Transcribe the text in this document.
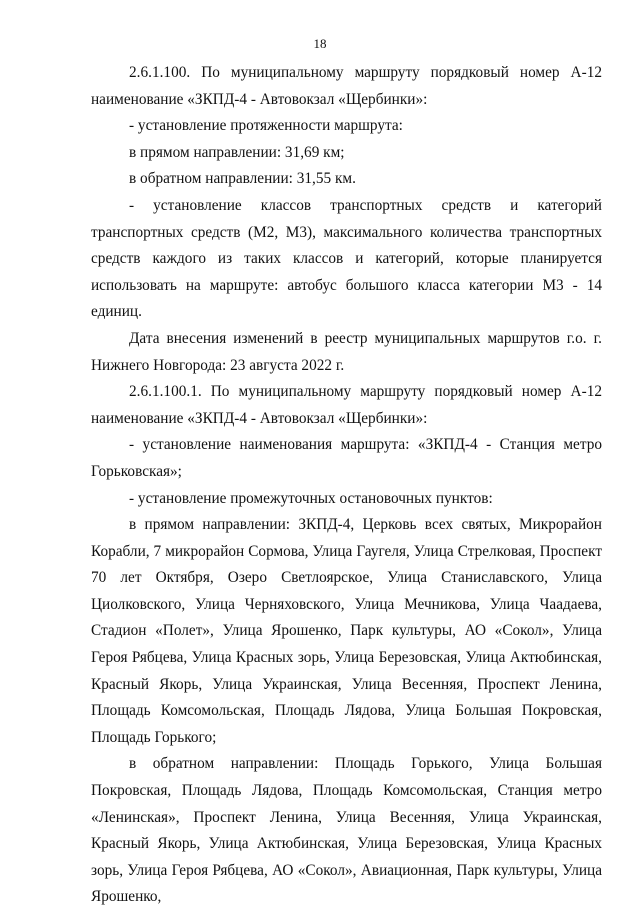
18

2.6.1.100. По муниципальному маршруту порядковый номер А-12 наименование «ЗКПД-4 - Автовокзал «Щербинки»:

- установление протяженности маршрута:

в прямом направлении: 31,69 км;

в обратном направлении: 31,55 км.

- установление классов транспортных средств и категорий транспортных средств (М2, М3), максимального количества транспортных средств каждого из таких классов и категорий, которые планируется использовать на маршруте: автобус большого класса категории М3 - 14 единиц.

Дата внесения изменений в реестр муниципальных маршрутов г.о. г. Нижнего Новгорода: 23 августа 2022 г.

2.6.1.100.1. По муниципальному маршруту порядковый номер А-12 наименование «ЗКПД-4 - Автовокзал «Щербинки»:

- установление наименования маршрута: «ЗКПД-4 - Станция метро Горьковская»;

- установление промежуточных остановочных пунктов:

в прямом направлении: ЗКПД-4, Церковь всех святых, Микрорайон Корабли, 7 микрорайон Сормова, Улица Гаугеля, Улица Стрелковая, Проспект 70 лет Октября, Озеро Светлоярское, Улица Станиславского, Улица Циолковского, Улица Черняховского, Улица Мечникова, Улица Чаадаева, Стадион «Полет», Улица Ярошенко, Парк культуры, АО «Сокол», Улица Героя Рябцева, Улица Красных зорь, Улица Березовская, Улица Актюбинская, Красный Якорь, Улица Украинская, Улица Весенняя, Проспект Ленина, Площадь Комсомольская, Площадь Лядова, Улица Большая Покровская, Площадь Горького;

в обратном направлении: Площадь Горького, Улица Большая Покровская, Площадь Лядова, Площадь Комсомольская, Станция метро «Ленинская», Проспект Ленина, Улица Весенняя, Улица Украинская, Красный Якорь, Улица Актюбинская, Улица Березовская, Улица Красных зорь, Улица Героя Рябцева, АО «Сокол», Авиационная, Парк культуры, Улица Ярошенко,
